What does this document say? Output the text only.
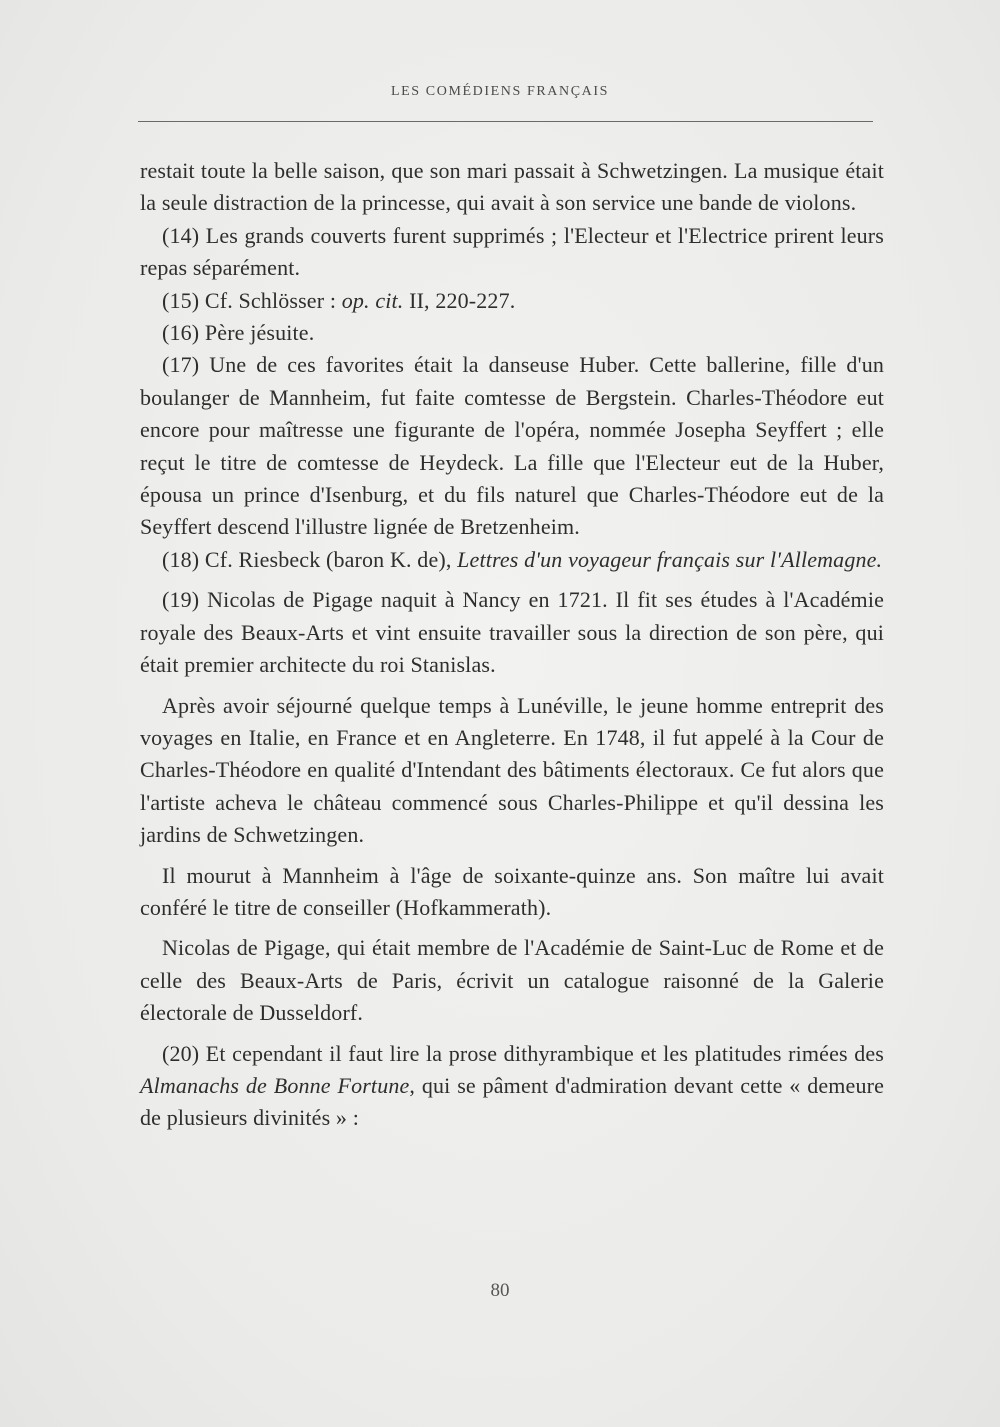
LES COMÉDIENS FRANÇAIS

restait toute la belle saison, que son mari passait à Schwetzingen. La musique était la seule distraction de la princesse, qui avait à son service une bande de violons.

(14) Les grands couverts furent supprimés ; l'Electeur et l'Electrice prirent leurs repas séparément.

(15) Cf. Schlösser : op. cit. II, 220-227.

(16) Père jésuite.

(17) Une de ces favorites était la danseuse Huber. Cette ballerine, fille d'un boulanger de Mannheim, fut faite comtesse de Bergstein. Charles-Théodore eut encore pour maîtresse une figurante de l'opéra, nommée Josepha Seyffert ; elle reçut le titre de comtesse de Heydeck. La fille que l'Electeur eut de la Huber, épousa un prince d'Isenburg, et du fils naturel que Charles-Théodore eut de la Seyffert descend l'illustre lignée de Bretzenheim.

(18) Cf. Riesbeck (baron K. de), Lettres d'un voyageur français sur l'Allemagne.

(19) Nicolas de Pigage naquit à Nancy en 1721. Il fit ses études à l'Académie royale des Beaux-Arts et vint ensuite travailler sous la direction de son père, qui était premier architecte du roi Stanislas.

Après avoir séjourné quelque temps à Lunéville, le jeune homme entreprit des voyages en Italie, en France et en Angleterre. En 1748, il fut appelé à la Cour de Charles-Théodore en qualité d'Intendant des bâtiments électoraux. Ce fut alors que l'artiste acheva le château commencé sous Charles-Philippe et qu'il dessina les jardins de Schwetzingen.

Il mourut à Mannheim à l'âge de soixante-quinze ans. Son maître lui avait conféré le titre de conseiller (Hofkammerath).

Nicolas de Pigage, qui était membre de l'Académie de Saint-Luc de Rome et de celle des Beaux-Arts de Paris, écrivit un catalogue raisonné de la Galerie électorale de Dusseldorf.

(20) Et cependant il faut lire la prose dithyrambique et les platitudes rimées des Almanachs de Bonne Fortune, qui se pâment d'admiration devant cette « demeure de plusieurs divinités » :

80
